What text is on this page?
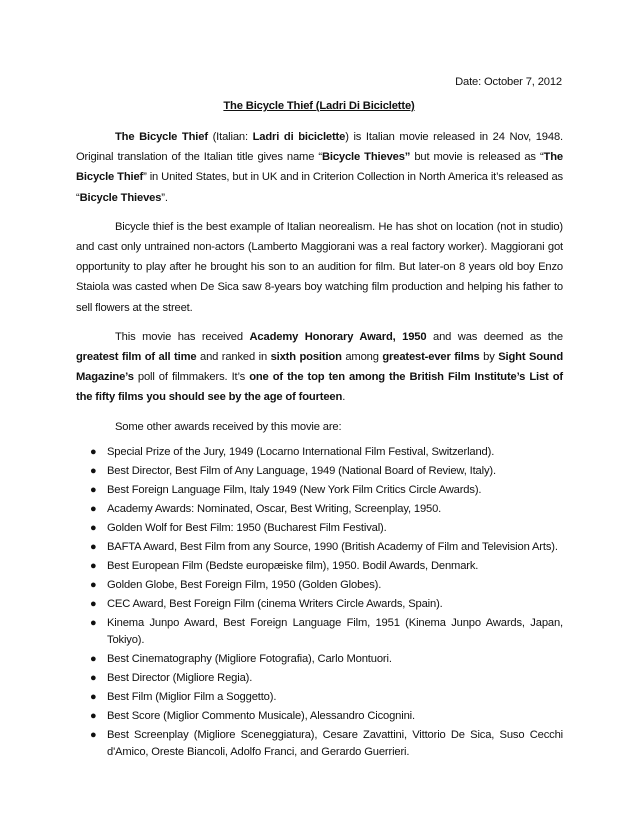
Date: October 7, 2012
The Bicycle Thief (Ladri Di Biciclette)

The Bicycle Thief (Italian: Ladri di biciclette) is Italian movie released in 24 Nov, 1948. Original translation of the Italian title gives name “Bicycle Thieves” but movie is released as “The Bicycle Thief” in United States, but in UK and in Criterion Collection in North America it’s released as “Bicycle Thieves”.

Bicycle thief is the best example of Italian neorealism. He has shot on location (not in studio) and cast only untrained non-actors (Lamberto Maggiorani was a real factory worker). Maggiorani got opportunity to play after he brought his son to an audition for film. But later-on 8 years old boy Enzo Staiola was casted when De Sica saw 8-years boy watching film production and helping his father to sell flowers at the street.

This movie has received Academy Honorary Award, 1950 and was deemed as the greatest film of all time and ranked in sixth position among greatest-ever films by Sight Sound Magazine’s poll of filmmakers. It’s one of the top ten among the British Film Institute’s List of the fifty films you should see by the age of fourteen.

Some other awards received by this movie are:

● Special Prize of the Jury, 1949 (Locarno International Film Festival, Switzerland).
● Best Director, Best Film of Any Language, 1949 (National Board of Review, Italy).
● Best Foreign Language Film, Italy 1949 (New York Film Critics Circle Awards).
● Academy Awards: Nominated, Oscar, Best Writing, Screenplay, 1950.
● Golden Wolf for Best Film: 1950 (Bucharest Film Festival).
● BAFTA Award, Best Film from any Source, 1990 (British Academy of Film and Television Arts).
● Best European Film (Bedste europæiske film), 1950. Bodil Awards, Denmark.
● Golden Globe, Best Foreign Film, 1950 (Golden Globes).
● CEC Award, Best Foreign Film (cinema Writers Circle Awards, Spain).
● Kinema Junpo Award, Best Foreign Language Film, 1951 (Kinema Junpo Awards, Japan, Tokiyo).
● Best Cinematography (Migliore Fotografia), Carlo Montuori.
● Best Director (Migliore Regia).
● Best Film (Miglior Film a Soggetto).
● Best Score (Miglior Commento Musicale), Alessandro Cicognini.
● Best Screenplay (Migliore Sceneggiatura), Cesare Zavattini, Vittorio De Sica, Suso Cecchi d'Amico, Oreste Biancoli, Adolfo Franci, and Gerardo Guerrieri.
